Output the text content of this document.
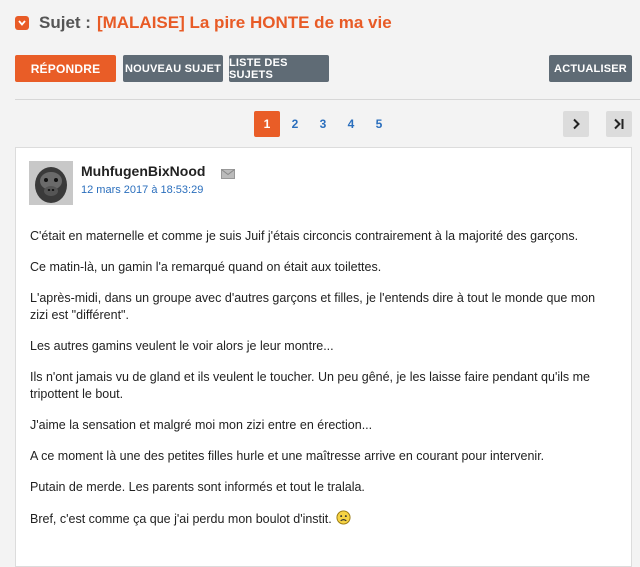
Sujet : [MALAISE] La pire HONTE de ma vie
RÉPONDRE	NOUVEAU SUJET LISTE DES SUJETS	ACTUALISER
1	2	3	4	5
MuhfugenBixNood
12 mars 2017 à 18:53:29

C'était en maternelle et comme je suis Juif j'étais circoncis contrairement à la majorité des garçons.

Ce matin-là, un gamin l'a remarqué quand on était aux toilettes.

L'après-midi, dans un groupe avec d'autres garçons et filles, je l'entends dire à tout le monde que mon zizi est "différent".

Les autres gamins veulent le voir alors je leur montre...

Ils n'ont jamais vu de gland et ils veulent le toucher. Un peu gêné, je les laisse faire pendant qu'ils me tripottent le bout.

J'aime la sensation et malgré moi mon zizi entre en érection...

A ce moment là une des petites filles hurle et une maîtresse arrive en courant pour intervenir.

Putain de merde. Les parents sont informés et tout le tralala.

Bref, c'est comme ça que j'ai perdu mon boulot d'instit.
